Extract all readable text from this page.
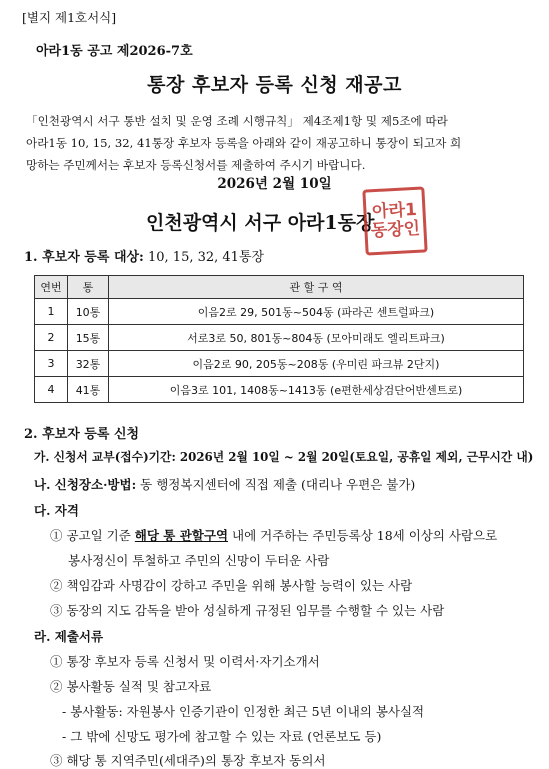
[별지 제1호서식]
아라1동 공고 제2026-7호
통장 후보자 등록 신청 재공고
「인천광역시 서구 통반 설치 및 운영 조례 시행규칙」 제4조제1항 및 제5조에 따라
아라1동 10, 15, 32, 41통장 후보자 등록을 아래와 같이 재공고하니 통장이 되고자 희
망하는 주민께서는 후보자 등록신청서를 제출하여 주시기 바랍니다.
2026년 2월 10일
인천광역시 서구 아라1동장
아라1
동장인
1. 후보자 등록 대상: 10, 15, 32, 41통장
연번	통	관 할 구 역
1	10통	이음2로 29, 501동~504동 (파라곤 센트럴파크)
2	15통	서로3로 50, 801동~804동 (모아미래도 엘리트파크)
3	32통	이음2로 90, 205동~208동 (우미린 파크뷰 2단지)
4	41통	이음3로 101, 1408동~1413동 (e편한세상검단어반센트로)
2. 후보자 등록 신청
가. 신청서 교부(접수)기간: 2026년 2월 10일 ~ 2월 20일(토요일, 공휴일 제외, 근무시간 내)
나. 신청장소·방법: 동 행정복지센터에 직접 제출 (대리나 우편은 불가)
다. 자격
① 공고일 기준 해당 통 관할구역 내에 거주하는 주민등록상 18세 이상의 사람으로
봉사정신이 투철하고 주민의 신망이 두터운 사람
② 책임감과 사명감이 강하고 주민을 위해 봉사할 능력이 있는 사람
③ 동장의 지도 감독을 받아 성실하게 규정된 임무를 수행할 수 있는 사람
라. 제출서류
① 통장 후보자 등록 신청서 및 이력서·자기소개서
② 봉사활동 실적 및 참고자료
- 봉사활동: 자원봉사 인증기관이 인정한 최근 5년 이내의 봉사실적
- 그 밖에 신망도 평가에 참고할 수 있는 자료 (언론보도 등)
③ 해당 통 지역주민(세대주)의 통장 후보자 동의서
